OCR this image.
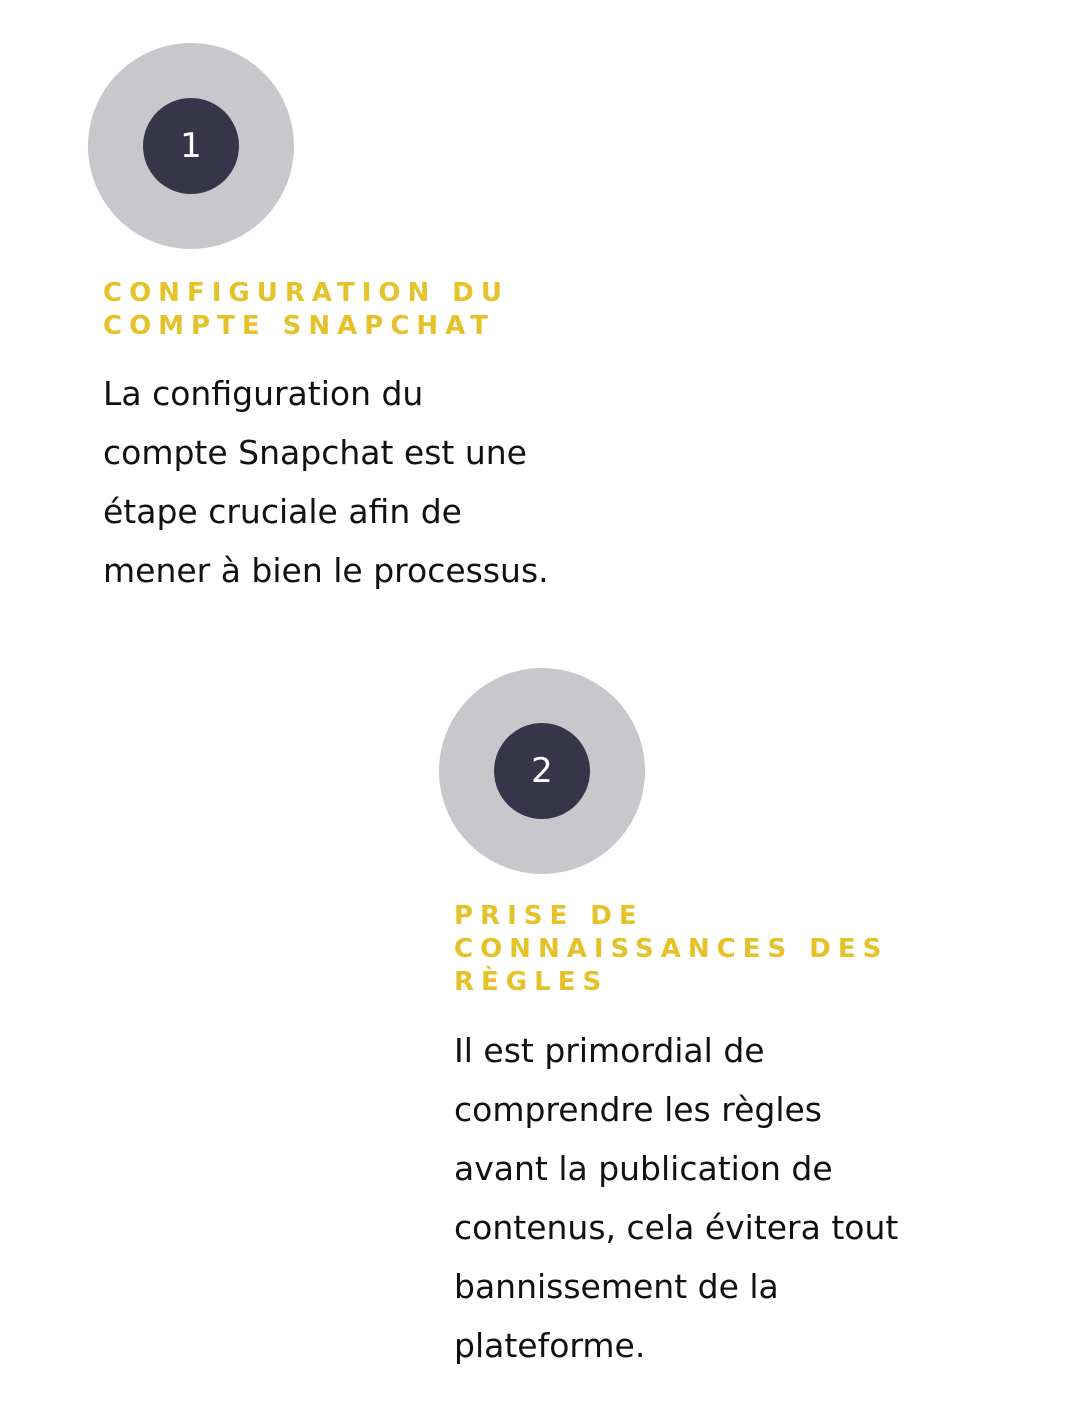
1
CONFIGURATION DU
COMPTE SNAPCHAT

La configuration du
compte Snapchat est une
étape cruciale afin de
mener à bien le processus.

2
PRISE DE
CONNAISSANCES DES
RÈGLES

Il est primordial de
comprendre les règles
avant la publication de
contenus, cela évitera tout
bannissement de la
plateforme.
